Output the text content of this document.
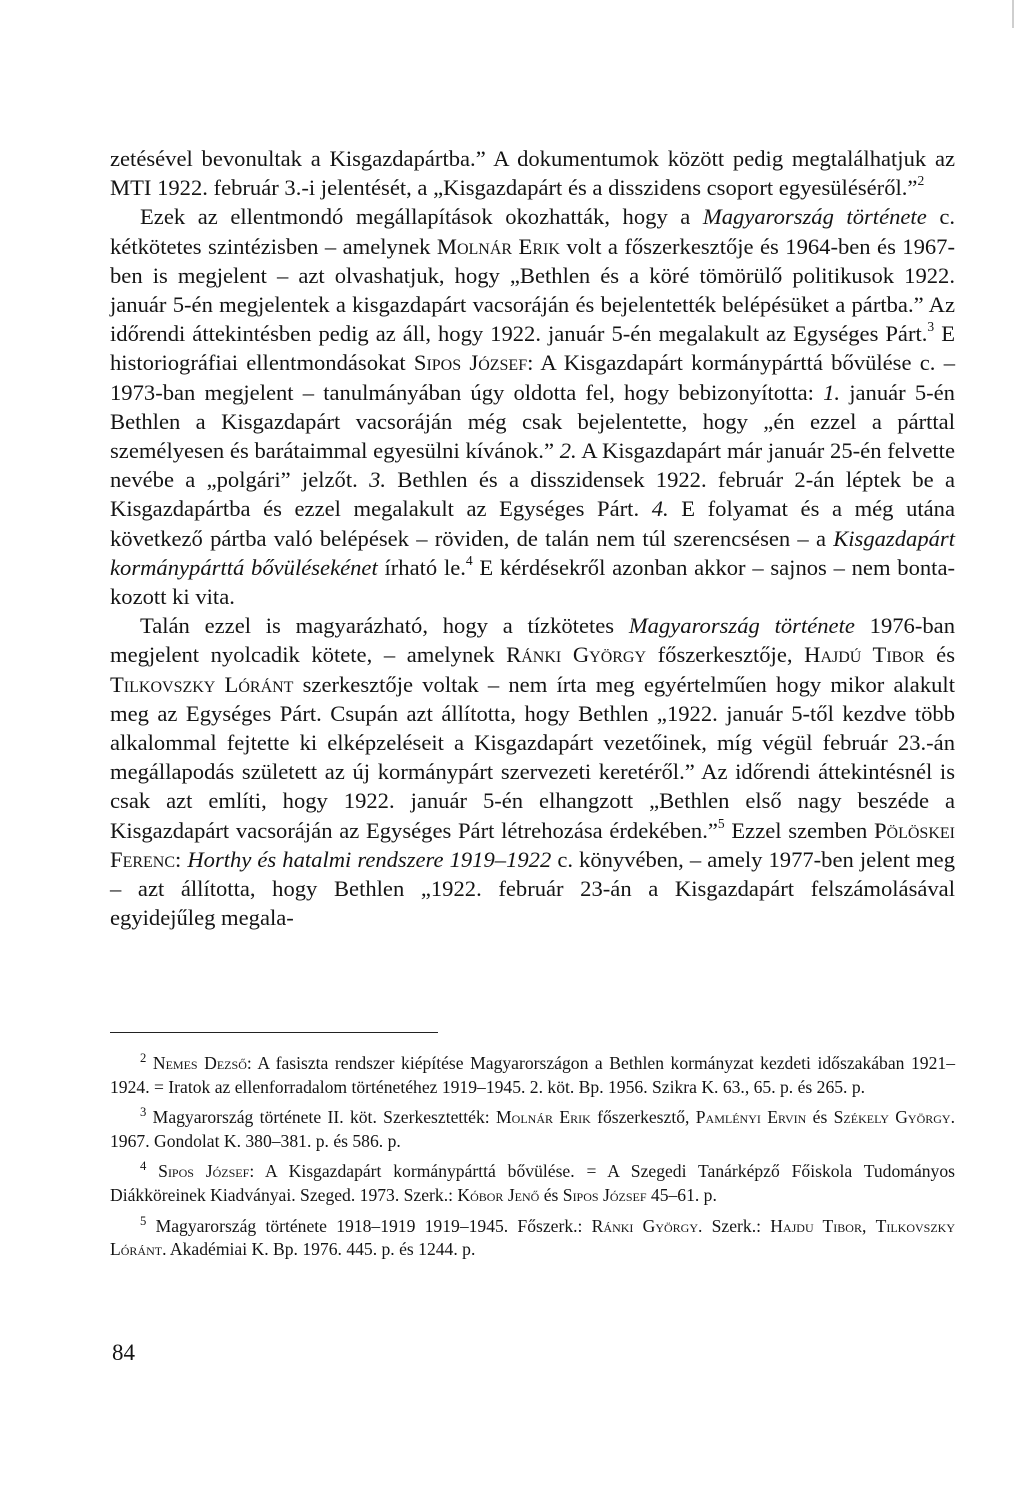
zetésével bevonultak a Kisgazdapártba.” A dokumentumok között pedig megtalálhatjuk az MTI 1922. február 3.-i jelentését, a „Kisgazdapárt és a disszidens csoport egyesüléséről.”$^2$

Ezek az ellentmondó megállapítások okozhatták, hogy a Magyarország története c. kétkötetes szintézisben – amelynek Molnár Erik volt a főszerkesztője és 1964-ben és 1967-ben is megjelent – azt olvashatjuk, hogy „Bethlen és a köré tömörülő politikusok 1922. január 5-én megjelentek a kisgazdapárt vacsoráján és bejelentették belépésüket a pártba.” Az időrendi áttekintésben pedig az áll, hogy 1922. január 5-én megalakult az Egységes Párt.$^3$ E historiográfiai ellentmondásokat Sipos József: A Kisgazdapárt kormánypárttá bővülése c. – 1973-ban megjelent – tanulmányában úgy oldotta fel, hogy bebizonyította: 1. január 5-én Bethlen a Kisgazdapárt vacsoráján még csak bejelentette, hogy „én ezzel a párttal személyesen és barátaimmal egyesülni kívánok.” 2. A Kisgazdapárt már január 25-én felvette nevébe a „polgári” jelzőt. 3. Bethlen és a disszidensek 1922. február 2-án léptek be a Kisgazdapártba és ezzel megalakult az Egységes Párt. 4. E folyamat és a még utána következő pártba való belépések – röviden, de talán nem túl szerencsésen – a Kisgazdapárt kormánypárttá bővülésekénet írható le.$^4$ E kérdésekről azonban akkor – sajnos – nem bontakozott ki vita.

Talán ezzel is magyarázható, hogy a tízkötetes Magyarország története 1976-ban megjelent nyolcadik kötete, – amelynek Ránki György főszerkesztője, Hajdú Tibor és Tilkovszky Lóránt szerkesztője voltak – nem írta meg egyértelműen hogy mikor alakult meg az Egységes Párt. Csupán azt állította, hogy Bethlen „1922. január 5-től kezdve több alkalommal fejtette ki elképzeléseit a Kisgazdapárt vezetőinek, míg végül február 23.-án megállapodás született az új kormánypárt szervezeti keretéről.” Az időrendi áttekintésnél is csak azt említi, hogy 1922. január 5-én elhangzott „Bethlen első nagy beszéde a Kisgazdapárt vacsoráján az Egységes Párt létrehozása érdekében.”$^5$ Ezzel szemben Pölöskei Ferenc: Horthy és hatalmi rendszere 1919–1922 c. könyvében, – amely 1977-ben jelent meg – azt állította, hogy Bethlen „1922. február 23-án a Kisgazdapárt felszámolásával egyidejűleg megala-

$^2$ Nemes Dezső: A fasiszta rendszer kiépítése Magyarországon a Bethlen kormányzat kezdeti időszakában 1921–1924. = Iratok az ellenforradalom történetéhez 1919–1945. 2. köt. Bp. 1956. Szikra K. 63., 65. p. és 265. p.

$^3$ Magyarország története II. köt. Szerkesztették: Molnár Erik főszerkesztő, Pamlényi Ervin és Székely György. 1967. Gondolat K. 380–381. p. és 586. p.

$^4$ Sipos József: A Kisgazdapárt kormánypárttá bővülése. = A Szegedi Tanárképző Főiskola Tudományos Diákköreinek Kiadványai. Szeged. 1973. Szerk.: Kóbor Jenő és Sipos József 45–61. p.

$^5$ Magyarország története 1918–1919 1919–1945. Főszerk.: Ránki György. Szerk.: Hajdu Tibor, Tilkovszky Lóránt. Akadémiai K. Bp. 1976. 445. p. és 1244. p.

84
